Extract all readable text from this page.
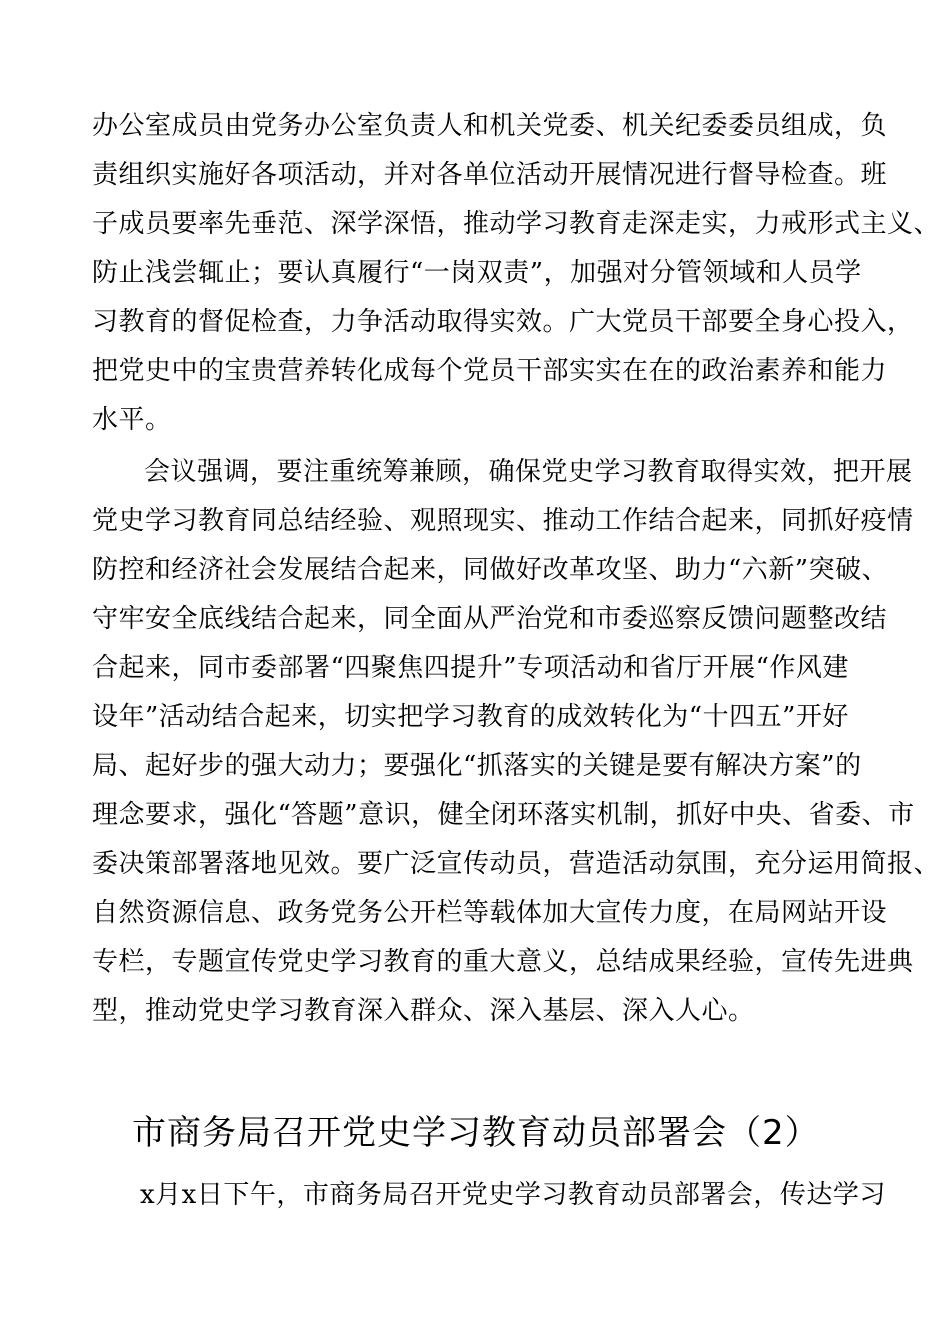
办公室成员由党务办公室负责人和机关党委、机关纪委委员组成，负

责组织实施好各项活动，并对各单位活动开展情况进行督导检查。班

子成员要率先垂范、深学深悟，推动学习教育走深走实，力戒形式主义、

防止浅尝辄止；要认真履行“一岗双责”，加强对分管领域和人员学

习教育的督促检查，力争活动取得实效。广大党员干部要全身心投入，

把党史中的宝贵营养转化成每个党员干部实实在在的政治素养和能力

水平。

会议强调，要注重统筹兼顾，确保党史学习教育取得实效，把开展

党史学习教育同总结经验、观照现实、推动工作结合起来，同抓好疫情

防控和经济社会发展结合起来，同做好改革攻坚、助力“六新”突破、

守牢安全底线结合起来，同全面从严治党和市委巡察反馈问题整改结

合起来，同市委部署“四聚焦四提升”专项活动和省厅开展“作风建

设年”活动结合起来，切实把学习教育的成效转化为“十四五”开好

局、起好步的强大动力；要强化“抓落实的关键是要有解决方案”的

理念要求，强化“答题”意识，健全闭环落实机制，抓好中央、省委、市

委决策部署落地见效。要广泛宣传动员，营造活动氛围，充分运用简报、

自然资源信息、政务党务公开栏等载体加大宣传力度，在局网站开设

专栏，专题宣传党史学习教育的重大意义，总结成果经验，宣传先进典

型，推动党史学习教育深入群众、深入基层、深入人心。

市商务局召开党史学习教育动员部署会（2）

x月x日下午，市商务局召开党史学习教育动员部署会，传达学习
